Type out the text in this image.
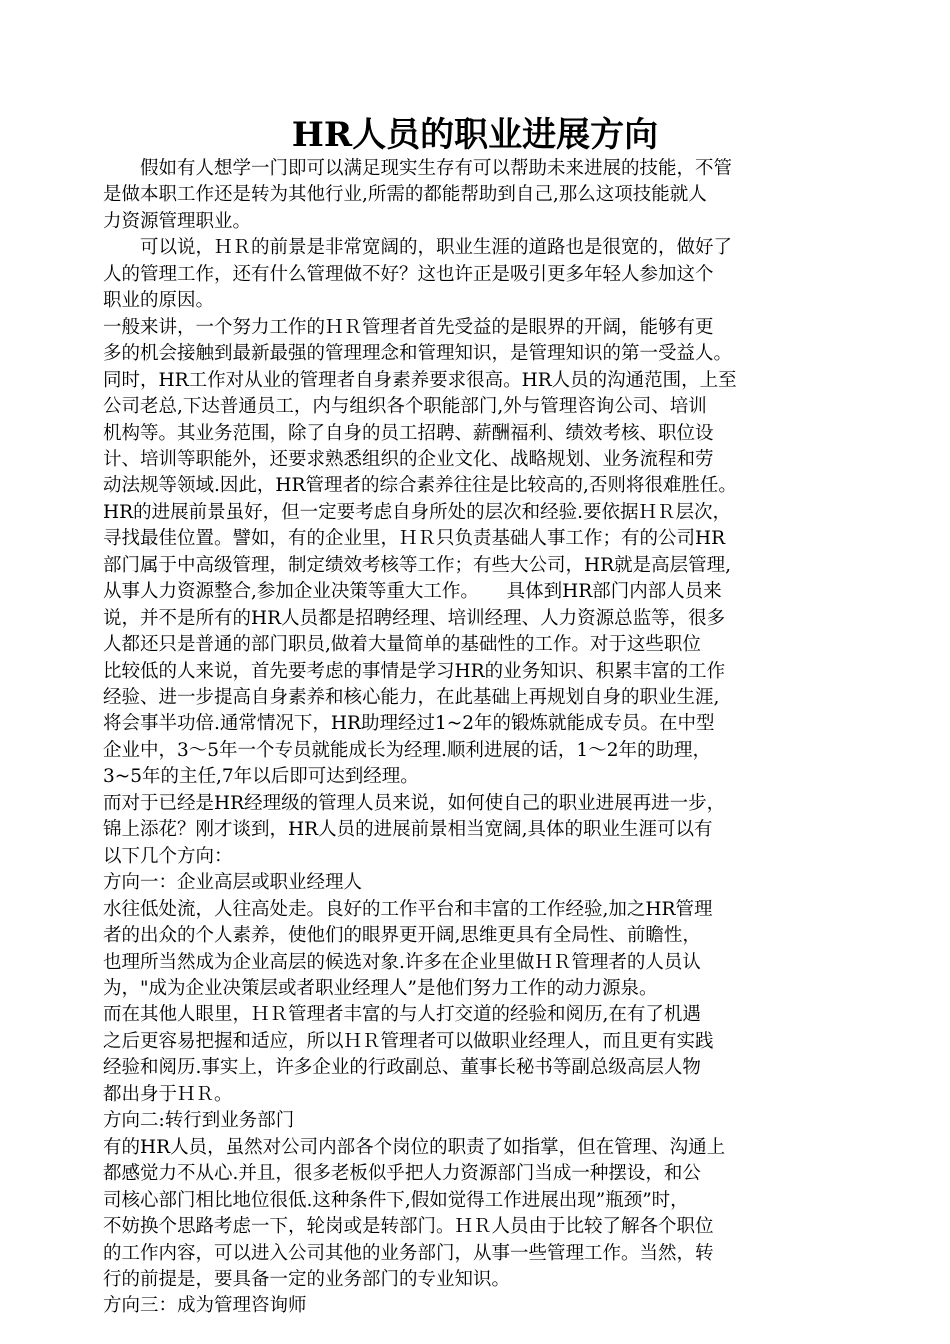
HR人员的职业进展方向
　　假如有人想学一门即可以满足现实生存有可以帮助未来进展的技能，不管
是做本职工作还是转为其他行业,所需的都能帮助到自己,那么这项技能就人
力资源管理职业。
　　可以说，ＨＲ的前景是非常宽阔的，职业生涯的道路也是很宽的，做好了
人的管理工作，还有什么管理做不好？这也许正是吸引更多年轻人参加这个
职业的原因。
一般来讲，一个努力工作的ＨＲ管理者首先受益的是眼界的开阔，能够有更
多的机会接触到最新最强的管理理念和管理知识，是管理知识的第一受益人。
同时，HR工作对从业的管理者自身素养要求很高。HR人员的沟通范围，上至
公司老总,下达普通员工，内与组织各个职能部门,外与管理咨询公司、培训
机构等。其业务范围，除了自身的员工招聘、薪酬福利、绩效考核、职位设
计、培训等职能外，还要求熟悉组织的企业文化、战略规划、业务流程和劳
动法规等领域.因此，HR管理者的综合素养往往是比较高的,否则将很难胜任。
HR的进展前景虽好，但一定要考虑自身所处的层次和经验.要依据ＨＲ层次，
寻找最佳位置。譬如，有的企业里，ＨＲ只负责基础人事工作；有的公司HR
部门属于中高级管理，制定绩效考核等工作；有些大公司，HR就是高层管理,
从事人力资源整合,参加企业决策等重大工作。　　具体到HR部门内部人员来
说，并不是所有的HR人员都是招聘经理、培训经理、人力资源总监等，很多
人都还只是普通的部门职员,做着大量简单的基础性的工作。对于这些职位
比较低的人来说，首先要考虑的事情是学习HR的业务知识、积累丰富的工作
经验、进一步提高自身素养和核心能力，在此基础上再规划自身的职业生涯,
将会事半功倍.通常情况下，HR助理经过1~2年的锻炼就能成专员。在中型
企业中，3～5年一个专员就能成长为经理.顺利进展的话，1～2年的助理，
3~5年的主任,7年以后即可达到经理。
而对于已经是HR经理级的管理人员来说，如何使自己的职业进展再进一步，
锦上添花？刚才谈到，HR人员的进展前景相当宽阔,具体的职业生涯可以有
以下几个方向：
方向一：企业高层或职业经理人
水往低处流，人往高处走。良好的工作平台和丰富的工作经验,加之HR管理
者的出众的个人素养，使他们的眼界更开阔,思维更具有全局性、前瞻性，
也理所当然成为企业高层的候选对象.许多在企业里做ＨＲ管理者的人员认
为，"成为企业决策层或者职业经理人”是他们努力工作的动力源泉。
而在其他人眼里，ＨＲ管理者丰富的与人打交道的经验和阅历,在有了机遇
之后更容易把握和适应，所以ＨＲ管理者可以做职业经理人，而且更有实践
经验和阅历.事实上，许多企业的行政副总、董事长秘书等副总级高层人物
都出身于ＨＲ。
方向二:转行到业务部门
有的HR人员，虽然对公司内部各个岗位的职责了如指掌，但在管理、沟通上
都感觉力不从心.并且，很多老板似乎把人力资源部门当成一种摆设，和公
司核心部门相比地位很低.这种条件下,假如觉得工作进展出现”瓶颈”时，
不妨换个思路考虑一下，轮岗或是转部门。ＨＲ人员由于比较了解各个职位
的工作内容，可以进入公司其他的业务部门，从事一些管理工作。当然，转
行的前提是，要具备一定的业务部门的专业知识。
方向三：成为管理咨询师
